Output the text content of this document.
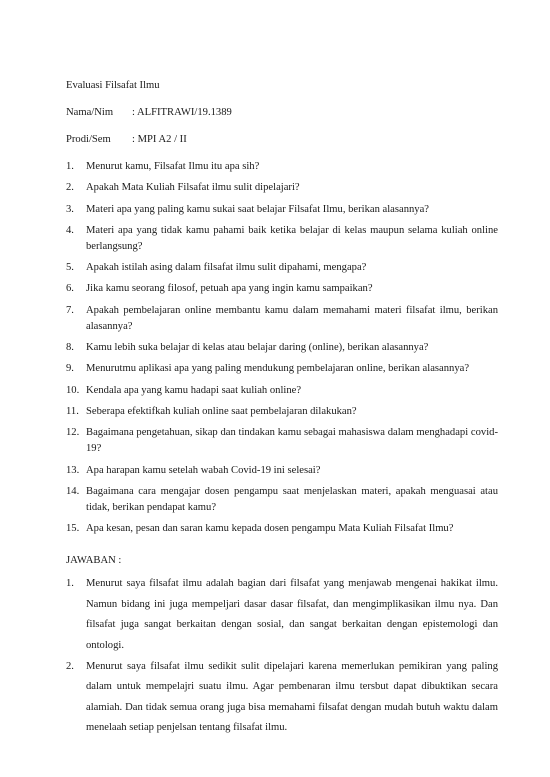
Evaluasi Filsafat Ilmu
Nama/Nim	: ALFITRAWI/19.1389
Prodi/Sem	: MPI A2 / II
1. Menurut kamu, Filsafat Ilmu itu apa sih?
2. Apakah Mata Kuliah Filsafat ilmu sulit dipelajari?
3. Materi apa yang paling kamu sukai saat belajar Filsafat Ilmu, berikan alasannya?
4. Materi apa yang tidak kamu pahami baik ketika belajar di kelas maupun selama kuliah online berlangsung?
5. Apakah istilah asing dalam filsafat ilmu sulit dipahami, mengapa?
6. Jika kamu seorang filosof, petuah apa yang ingin kamu sampaikan?
7. Apakah pembelajaran online membantu kamu dalam memahami materi filsafat ilmu, berikan alasannya?
8. Kamu lebih suka belajar di kelas atau belajar daring (online), berikan alasannya?
9. Menurutmu aplikasi apa yang paling mendukung pembelajaran online, berikan alasannya?
10. Kendala apa yang kamu hadapi saat kuliah online?
11. Seberapa efektifkah kuliah online saat pembelajaran dilakukan?
12. Bagaimana pengetahuan, sikap dan tindakan kamu sebagai mahasiswa dalam menghadapi covid-19?
13. Apa harapan kamu setelah wabah Covid-19 ini selesai?
14. Bagaimana cara mengajar dosen pengampu saat menjelaskan materi, apakah menguasai atau tidak, berikan pendapat kamu?
15. Apa kesan, pesan dan saran kamu kepada dosen pengampu Mata Kuliah Filsafat Ilmu?
JAWABAN :
1. Menurut saya filsafat ilmu adalah bagian dari filsafat yang menjawab mengenai hakikat ilmu. Namun bidang ini juga mempeljari dasar dasar filsafat, dan mengimplikasikan ilmu nya. Dan filsafat juga sangat berkaitan dengan sosial, dan sangat berkaitan dengan epistemologi dan ontologi.
2. Menurut saya filsafat ilmu sedikit sulit dipelajari karena memerlukan pemikiran yang paling dalam untuk mempelajri suatu ilmu. Agar pembenaran ilmu tersbut dapat dibuktikan secara alamiah. Dan tidak semua orang juga bisa memahami filsafat dengan mudah butuh waktu dalam menelaah setiap penjelsan tentang filsafat ilmu.
